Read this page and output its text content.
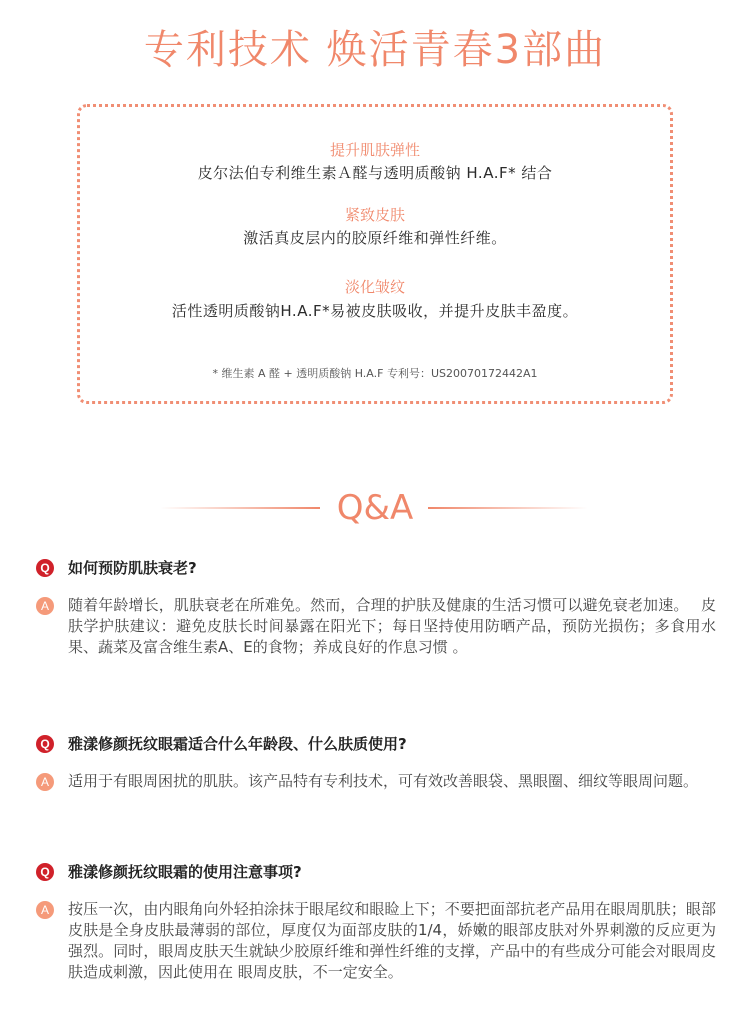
专利技术 焕活青春3部曲
提升肌肤弹性
皮尔法伯专利维生素Ａ醛与透明质酸钠 H.A.F* 结合
紧致皮肤
激活真皮层内的胶原纤维和弹性纤维。
淡化皱纹
活性透明质酸钠H.A.F*易被皮肤吸收，并提升皮肤丰盈度。
* 维生素 A 醛 + 透明质酸钠 H.A.F 专利号：US20070172442A1
Q&A
Q 如何预防肌肤衰老?
A	随着年龄增长，肌肤衰老在所难免。然而，合理的护肤及健康的生活习惯可以避免衰老加速。　 皮肤学护肤建议：避免皮肤长时间暴露在阳光下；每日坚持使用防晒产品，预防光损伤；多食用水果、蔬菜及富含维生素A、E的食物；养成良好的作息习惯 。
Q 雅漾修颜抚纹眼霜适合什么年龄段、什么肤质使用?
A	适用于有眼周困扰的肌肤。该产品特有专利技术，可有效改善眼袋、黑眼圈、细纹等眼周问题。
Q 雅漾修颜抚纹眼霜的使用注意事项?
A	按压一次，由内眼角向外轻拍涂抹于眼尾纹和眼睑上下；不要把面部抗老产品用在眼周肌肤；眼部皮肤是全身皮肤最薄弱的部位，厚度仅为面部皮肤的1/4，娇嫩的眼部皮肤对外界刺激的反应更为强烈。同时，眼周皮肤天生就缺少胶原纤维和弹性纤维的支撑，产品中的有些成分可能会对眼周皮肤造成刺激，因此使用在 眼周皮肤，不一定安全。
